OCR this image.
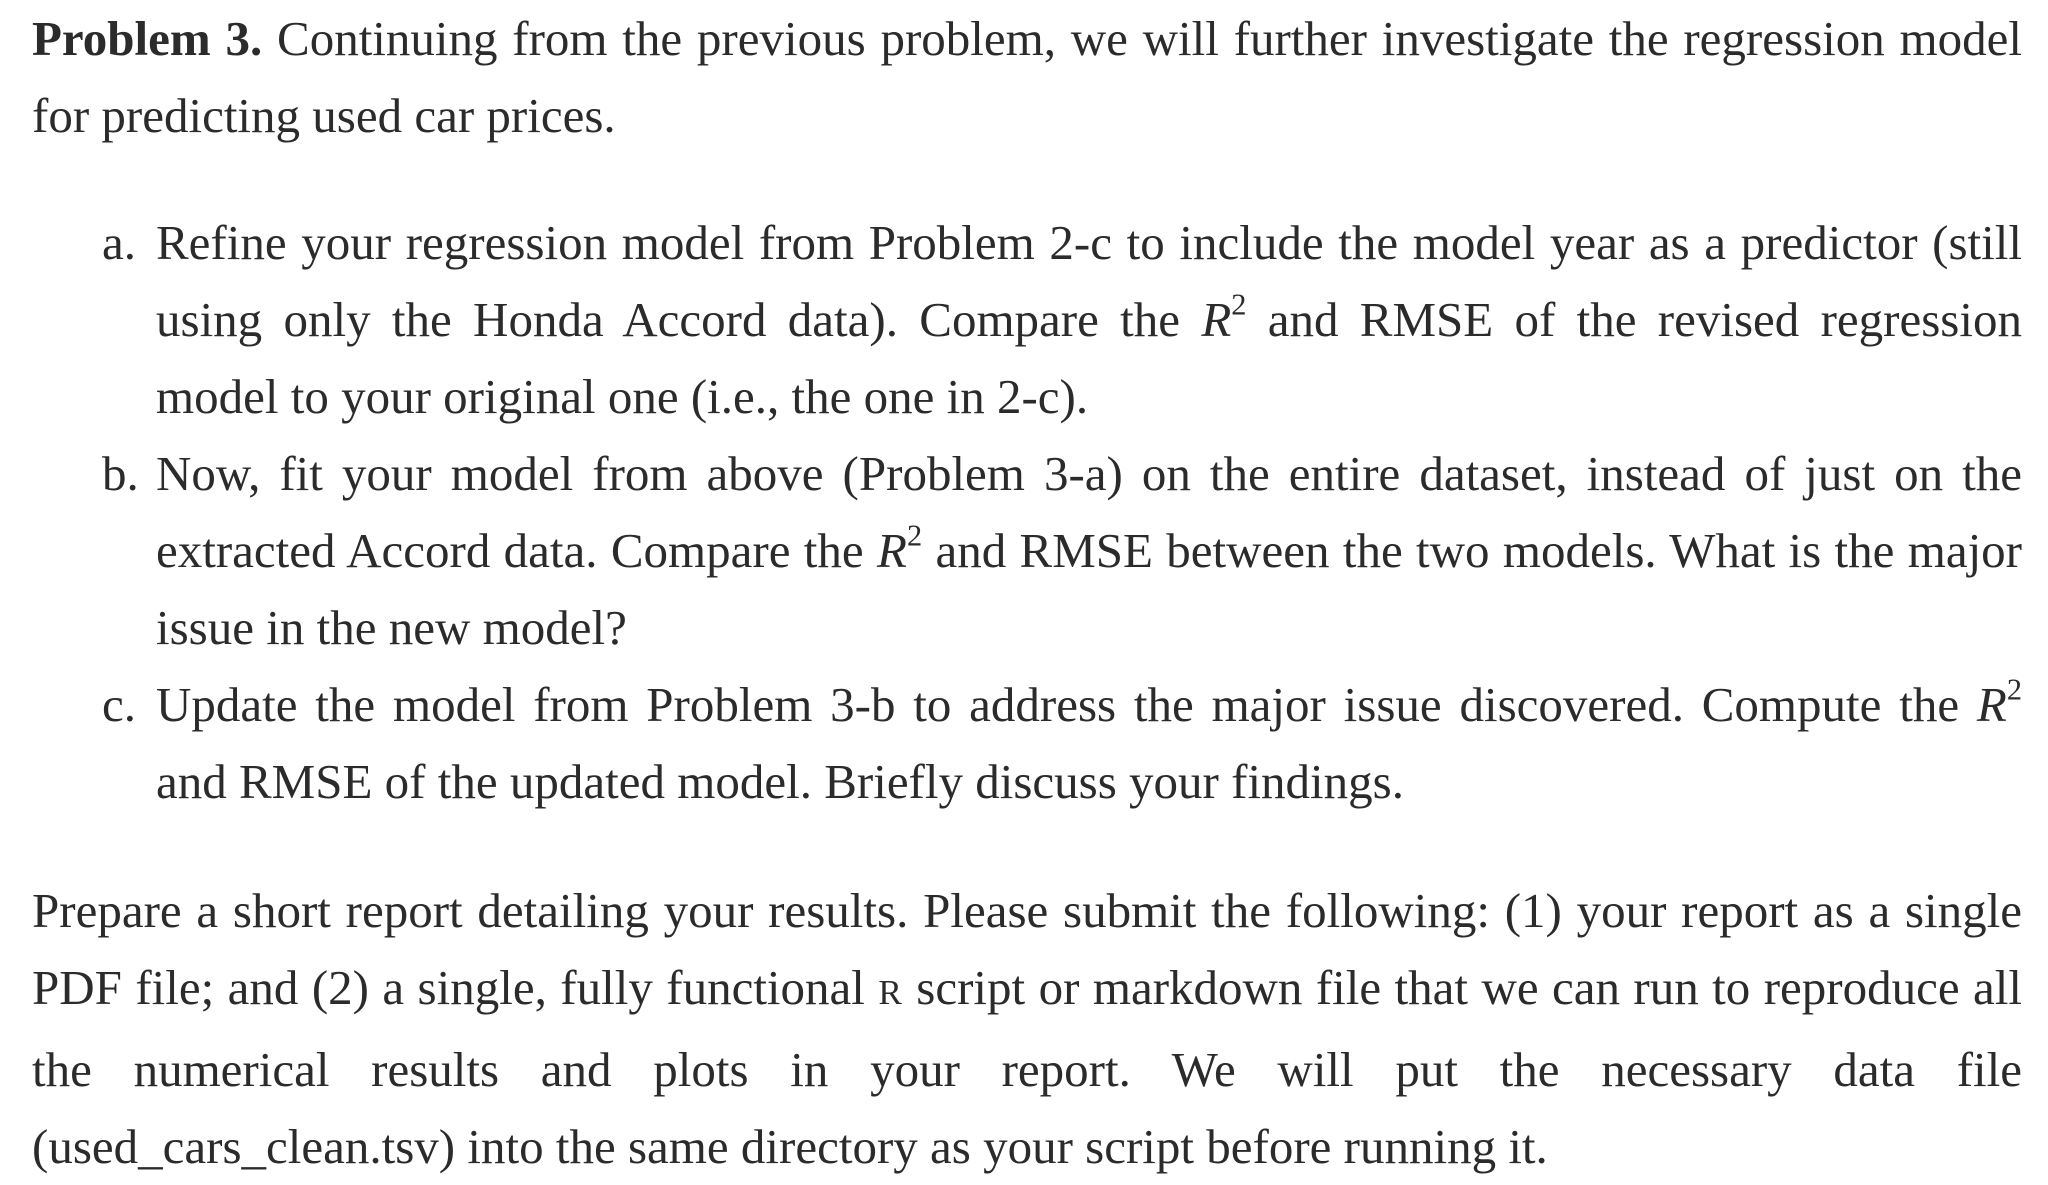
Problem 3. Continuing from the previous problem, we will further investigate the regression model for predicting used car prices.

a. Refine your regression model from Problem 2-c to include the model year as a predictor (still using only the Honda Accord data). Compare the $R^2$ and RMSE of the revised regression model to your original one (i.e., the one in 2-c).
b. Now, fit your model from above (Problem 3-a) on the entire dataset, instead of just on the extracted Accord data. Compare the $R^2$ and RMSE between the two models. What is the major issue in the new model?
c. Update the model from Problem 3-b to address the major issue discovered. Compute the $R^2$ and RMSE of the updated model. Briefly discuss your findings.

Prepare a short report detailing your results. Please submit the following: (1) your report as a single PDF file; and (2) a single, fully functional R script or markdown file that we can run to reproduce all the numerical results and plots in your report. We will put the necessary data file (used_cars_clean.tsv) into the same directory as your script before running it.
